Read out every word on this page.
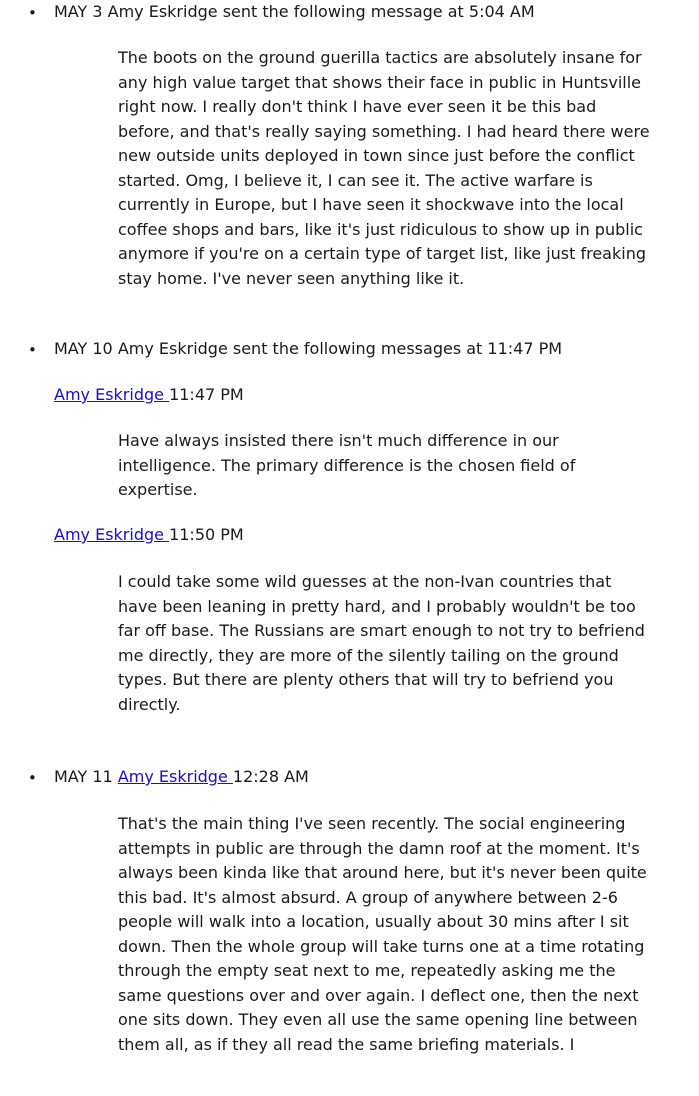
• MAY 3 Amy Eskridge sent the following message at 5:04 AM

The boots on the ground guerilla tactics are absolutely insane for any high value target that shows their face in public in Huntsville right now. I really don't think I have ever seen it be this bad before, and that's really saying something. I had heard there were new outside units deployed in town since just before the conflict started. Omg, I believe it, I can see it. The active warfare is currently in Europe, but I have seen it shockwave into the local coffee shops and bars, like it's just ridiculous to show up in public anymore if you're on a certain type of target list, like just freaking stay home. I've never seen anything like it.

• MAY 10 Amy Eskridge sent the following messages at 11:47 PM
Amy Eskridge 11:47 PM

Have always insisted there isn't much difference in our intelligence. The primary difference is the chosen field of expertise.

Amy Eskridge 11:50 PM

I could take some wild guesses at the non-Ivan countries that have been leaning in pretty hard, and I probably wouldn't be too far off base. The Russians are smart enough to not try to befriend me directly, they are more of the silently tailing on the ground types. But there are plenty others that will try to befriend you directly.

• MAY 11 Amy Eskridge 12:28 AM

That's the main thing I've seen recently. The social engineering attempts in public are through the damn roof at the moment. It's always been kinda like that around here, but it's never been quite this bad. It's almost absurd. A group of anywhere between 2-6 people will walk into a location, usually about 30 mins after I sit down. Then the whole group will take turns one at a time rotating through the empty seat next to me, repeatedly asking me the same questions over and over again. I deflect one, then the next one sits down. They even all use the same opening line between them all, as if they all read the same briefing materials. I
